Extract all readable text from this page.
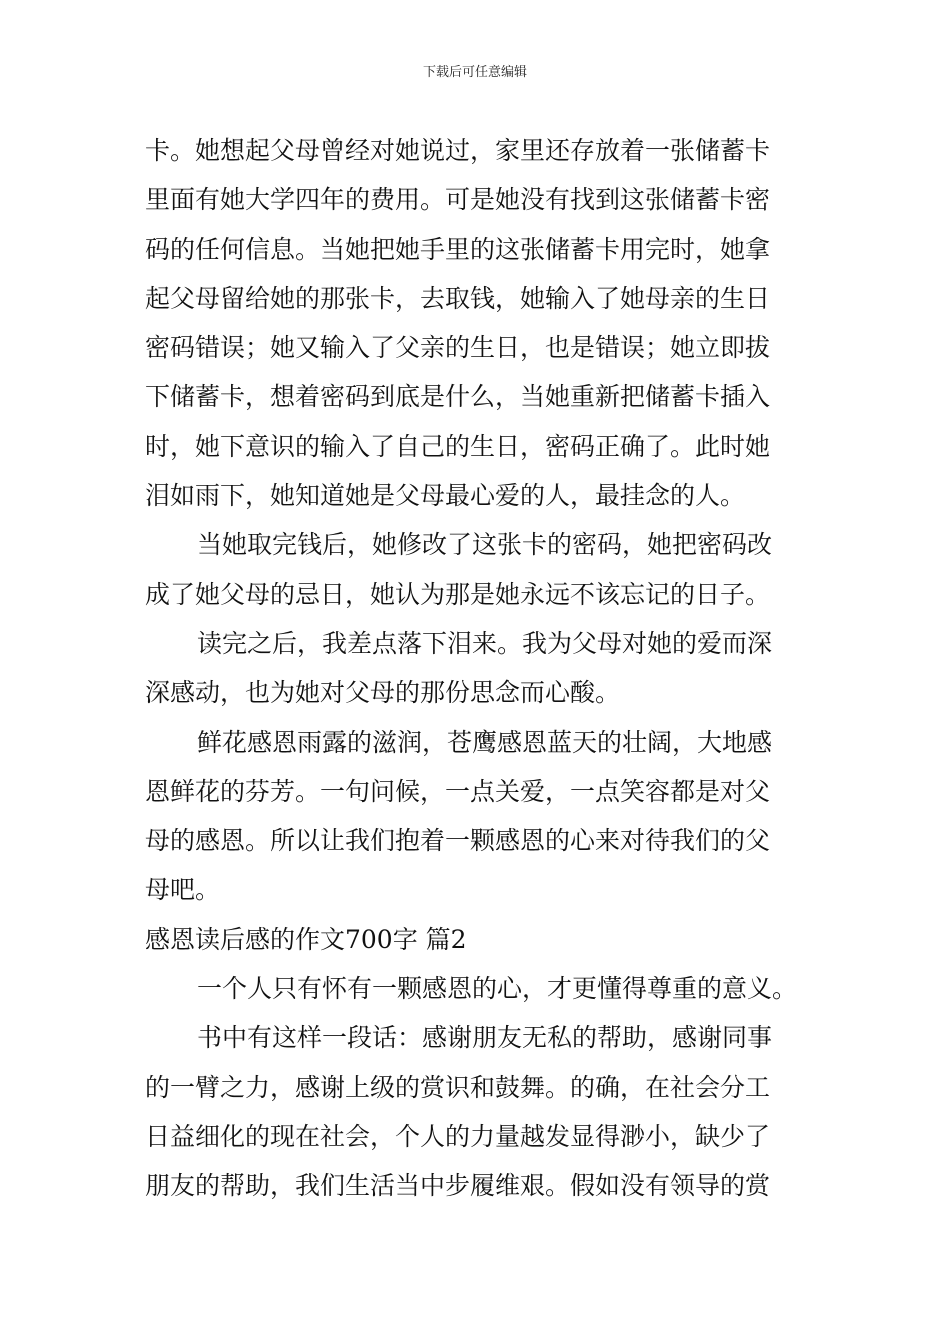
下载后可任意编辑
卡。她想起父母曾经对她说过，家里还存放着一张储蓄卡
里面有她大学四年的费用。可是她没有找到这张储蓄卡密
码的任何信息。当她把她手里的这张储蓄卡用完时，她拿
起父母留给她的那张卡，去取钱，她输入了她母亲的生日
密码错误；她又输入了父亲的生日，也是错误；她立即拔
下储蓄卡，想着密码到底是什么，当她重新把储蓄卡插入
时，她下意识的输入了自己的生日，密码正确了。此时她
泪如雨下，她知道她是父母最心爱的人，最挂念的人。
当她取完钱后，她修改了这张卡的密码，她把密码改
成了她父母的忌日，她认为那是她永远不该忘记的日子。
读完之后，我差点落下泪来。我为父母对她的爱而深
深感动，也为她对父母的那份思念而心酸。
鲜花感恩雨露的滋润，苍鹰感恩蓝天的壮阔，大地感
恩鲜花的芬芳。一句问候，一点关爱，一点笑容都是对父
母的感恩。所以让我们抱着一颗感恩的心来对待我们的父
母吧。
感恩读后感的作文700字 篇2
一个人只有怀有一颗感恩的心，才更懂得尊重的意义。
书中有这样一段话：感谢朋友无私的帮助，感谢同事
的一臂之力，感谢上级的赏识和鼓舞。的确，在社会分工
日益细化的现在社会，个人的力量越发显得渺小，缺少了
朋友的帮助，我们生活当中步履维艰。假如没有领导的赏
